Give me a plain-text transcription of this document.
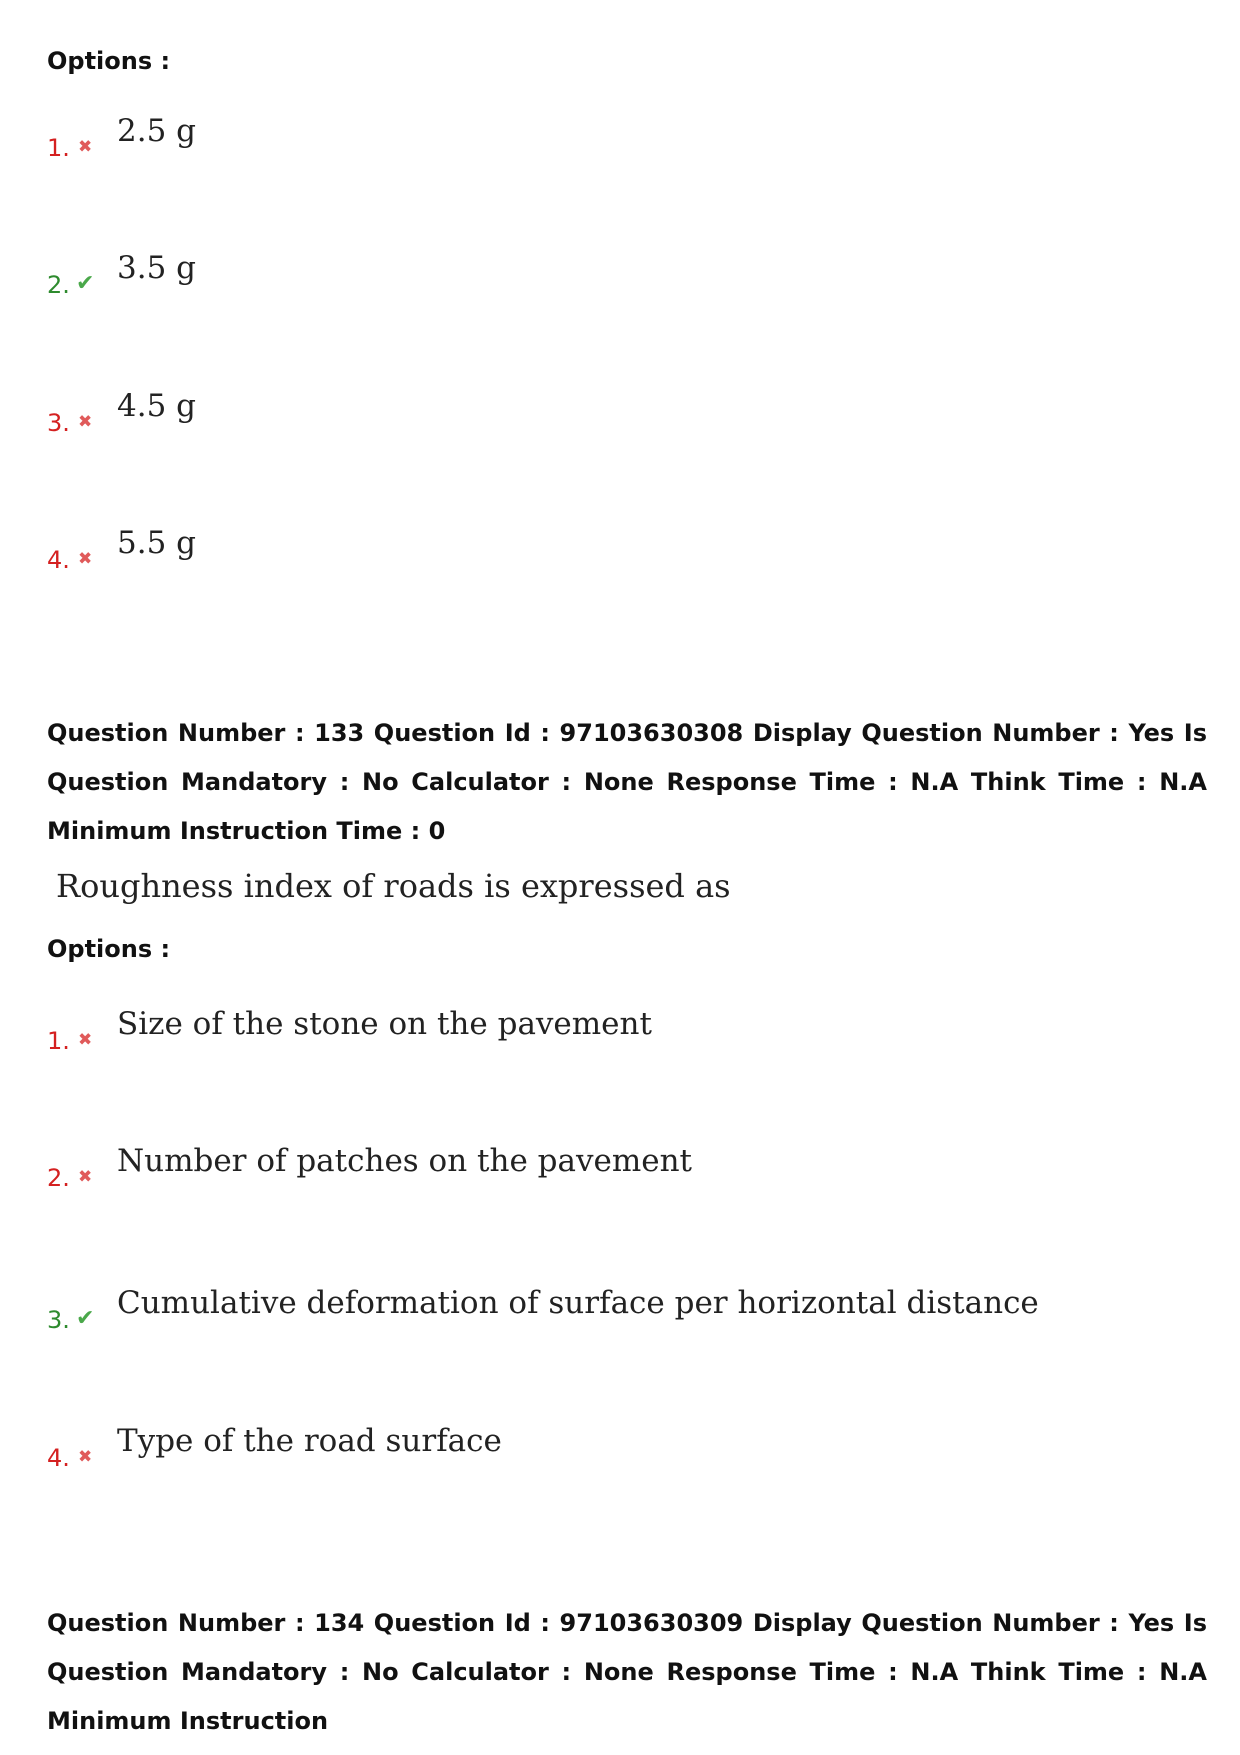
Options :
1. ✖ 2.5 g
2. ✔ 3.5 g
3. ✖ 4.5 g
4. ✖ 5.5 g
Question Number : 133 Question Id : 97103630308 Display Question Number : Yes Is Question Mandatory : No Calculator : None Response Time : N.A Think Time : N.A Minimum Instruction Time : 0
Roughness index of roads is expressed as
Options :
1. ✖ Size of the stone on the pavement
2. ✖ Number of patches on the pavement
3. ✔ Cumulative deformation of surface per horizontal distance
4. ✖ Type of the road surface
Question Number : 134 Question Id : 97103630309 Display Question Number : Yes Is Question Mandatory : No Calculator : None Response Time : N.A Think Time : N.A Minimum Instruction
